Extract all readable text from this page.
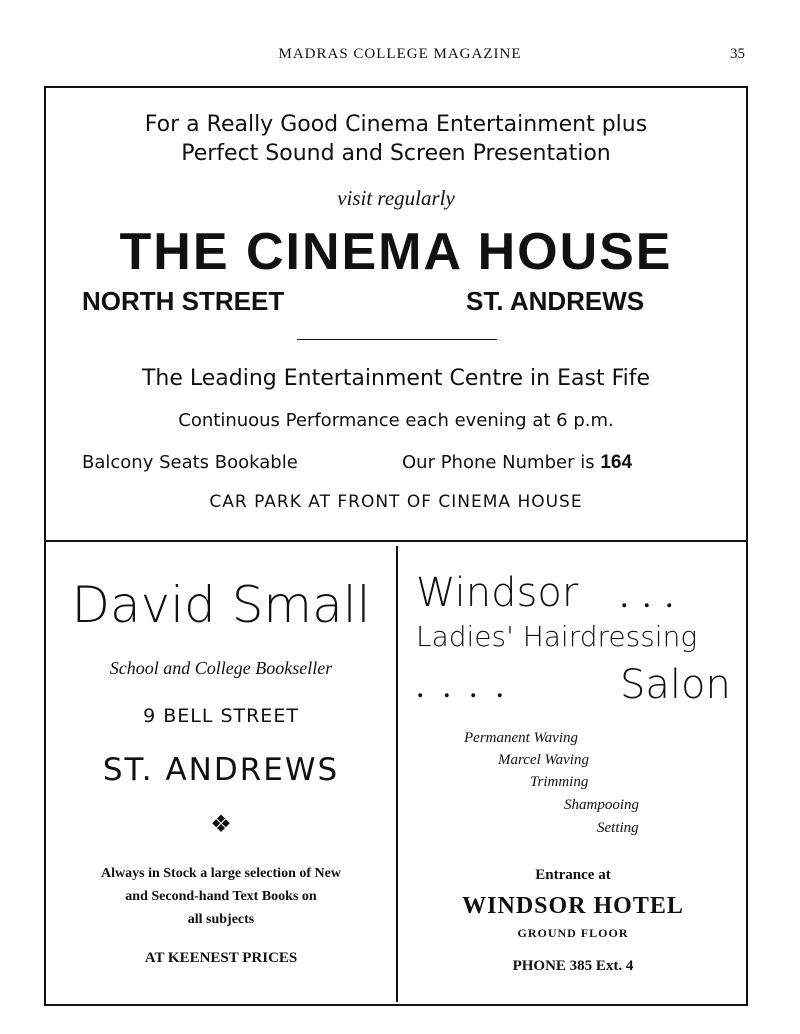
MADRAS COLLEGE MAGAZINE	35
For a Really Good Cinema Entertainment plus
Perfect Sound and Screen Presentation
visit regularly
THE CINEMA HOUSE
NORTH STREET	ST. ANDREWS
The Leading Entertainment Centre in East Fife
Continuous Performance each evening at 6 p.m.
Balcony Seats Bookable	Our Phone Number is 164
CAR PARK AT FRONT OF CINEMA HOUSE
David Small
School and College Bookseller
9 BELL STREET
ST. ANDREWS
❖
Always in Stock a large selection of New
and Second-hand Text Books on
all subjects
AT KEENEST PRICES
Windsor ...
Ladies' Hairdressing
.... Salon
Permanent Waving
Marcel Waving
Trimming
Shampooing
Setting
Entrance at
WINDSOR HOTEL
GROUND FLOOR
PHONE 385 Ext. 4
